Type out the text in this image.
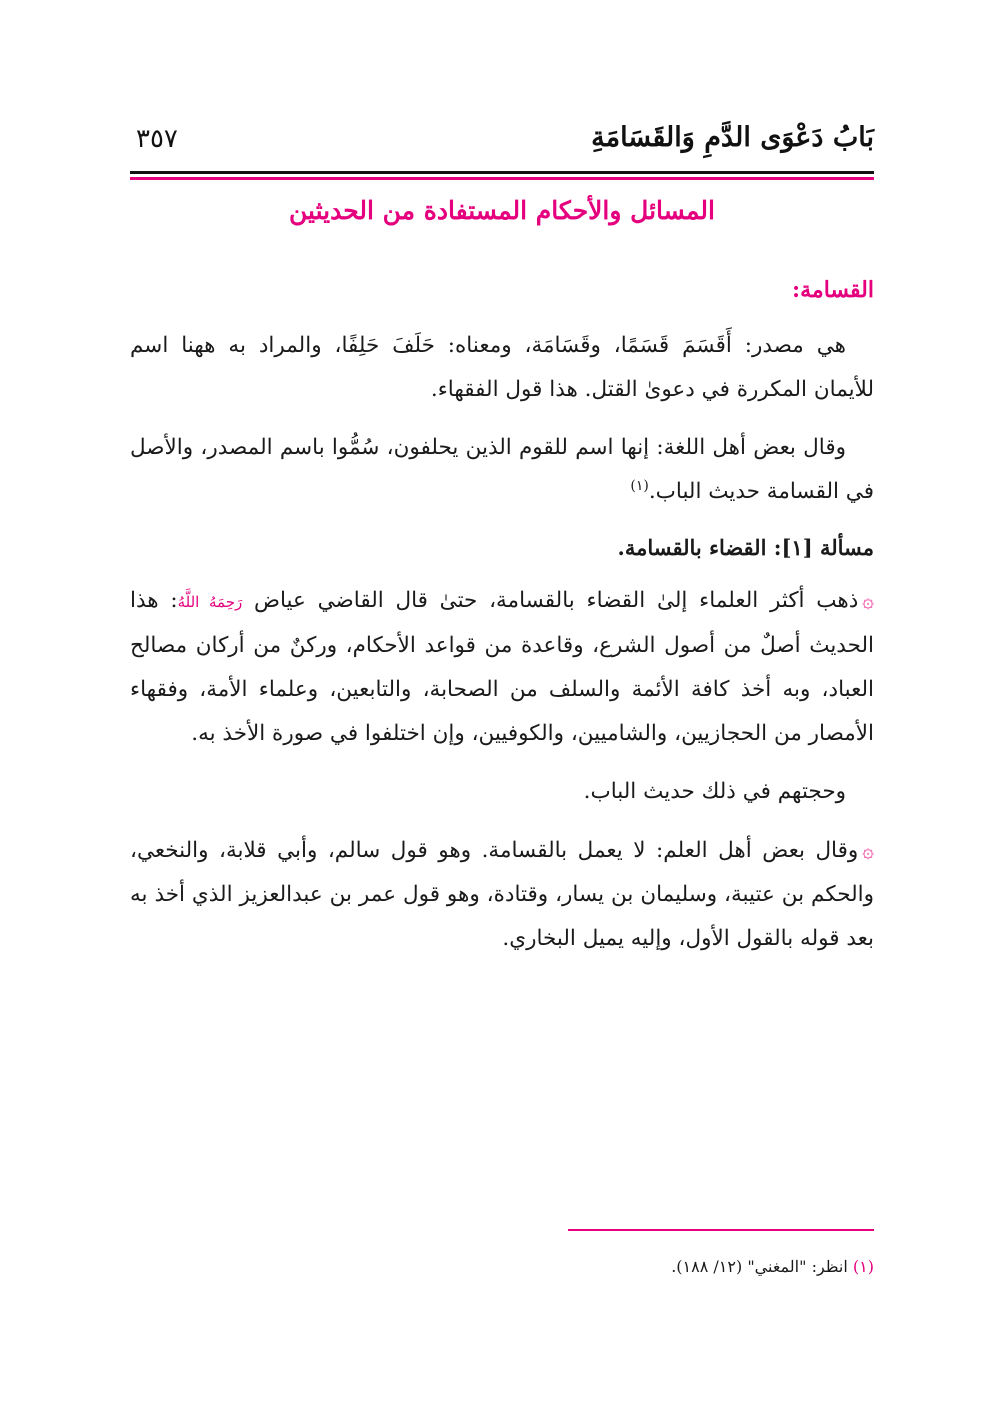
بَابُ دَعْوَى الدَّمِ وَالقَسَامَةِ
٣٥٧
المسائل والأحكام المستفادة من الحديثين
القسامة:

هي مصدر: أَقَسَمَ قَسَمًا، وقَسَامَة، ومعناه: حَلَفَ حَلِفًا، والمراد به ههنا اسم للأيمان المكررة في دعوىٰ القتل. هذا قول الفقهاء.

وقال بعض أهل اللغة: إنها اسم للقوم الذين يحلفون، سُمُّوا باسم المصدر، والأصل في القسامة حديث الباب.$^{(١)}$

مسألة [١]: القضاء بالقسامة.

۞ذهب أكثر العلماء إلىٰ القضاء بالقسامة، حتىٰ قال القاضي عياض رَحِمَهُ اللَّهُ: هذا الحديث أصلٌ من أصول الشرع، وقاعدة من قواعد الأحكام، وركنٌ من أركان مصالح العباد، وبه أخذ كافة الأئمة والسلف من الصحابة، والتابعين، وعلماء الأمة، وفقهاء الأمصار من الحجازيين، والشاميين، والكوفيين، وإن اختلفوا في صورة الأخذ به.

وحجتهم في ذلك حديث الباب.

۞وقال بعض أهل العلم: لا يعمل بالقسامة. وهو قول سالم، وأبي قلابة، والنخعي، والحكم بن عتيبة، وسليمان بن يسار، وقتادة، وهو قول عمر بن عبدالعزيز الذي أخذ به بعد قوله بالقول الأول، وإليه يميل البخاري.

(١) انظر: "المغني" (١٢/ ١٨٨).
